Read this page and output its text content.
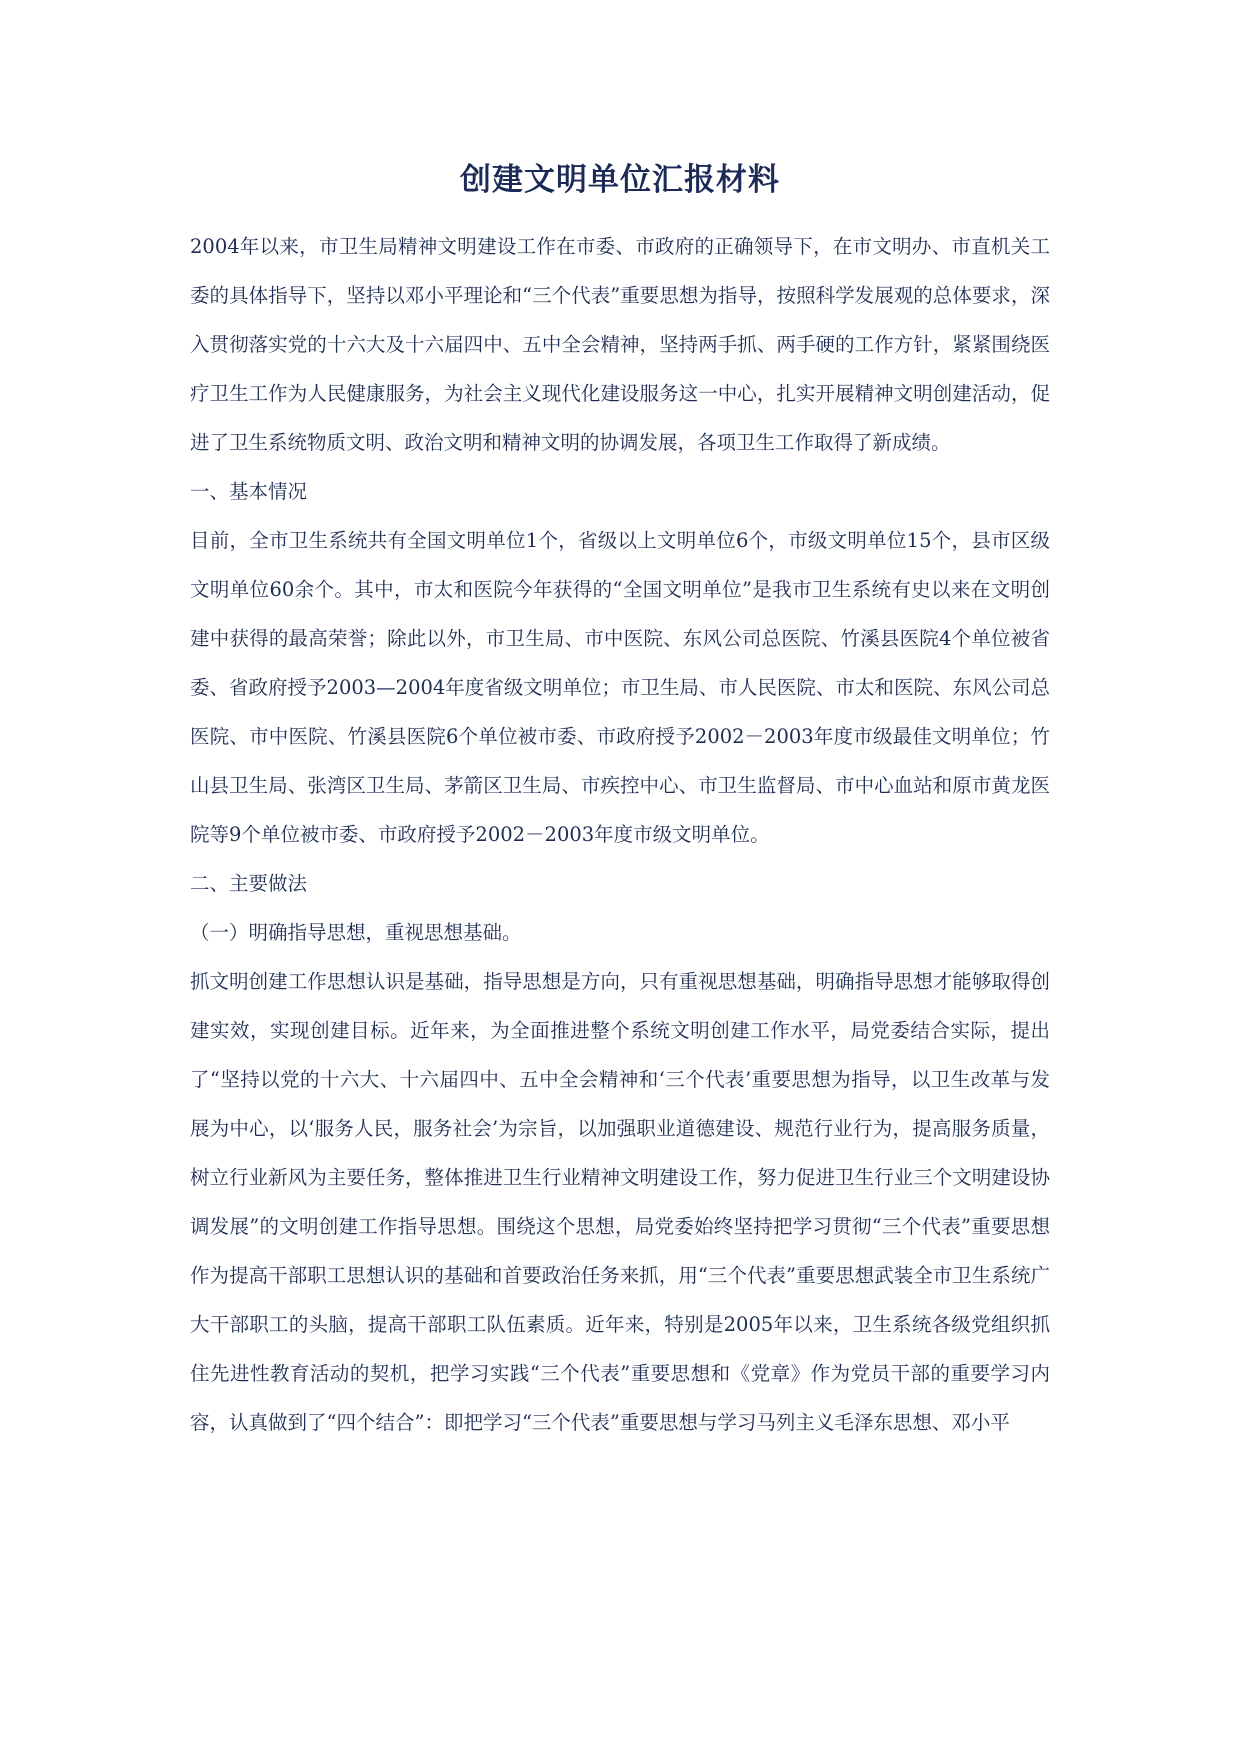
创建文明单位汇报材料

2004年以来，市卫生局精神文明建设工作在市委、市政府的正确领导下，在市文明办、市直机关工委的具体指导下，坚持以邓小平理论和“三个代表”重要思想为指导，按照科学发展观的总体要求，深入贯彻落实党的十六大及十六届四中、五中全会精神，坚持两手抓、两手硬的工作方针，紧紧围绕医疗卫生工作为人民健康服务，为社会主义现代化建设服务这一中心，扎实开展精神文明创建活动，促进了卫生系统物质文明、政治文明和精神文明的协调发展，各项卫生工作取得了新成绩。

一、基本情况

目前，全市卫生系统共有全国文明单位1个，省级以上文明单位6个，市级文明单位15个，县市区级文明单位60余个。其中，市太和医院今年获得的“全国文明单位”是我市卫生系统有史以来在文明创建中获得的最高荣誉；除此以外，市卫生局、市中医院、东风公司总医院、竹溪县医院4个单位被省委、省政府授予2003—2004年度省级文明单位；市卫生局、市人民医院、市太和医院、东风公司总医院、市中医院、竹溪县医院6个单位被市委、市政府授予2002－2003年度市级最佳文明单位；竹山县卫生局、张湾区卫生局、茅箭区卫生局、市疾控中心、市卫生监督局、市中心血站和原市黄龙医院等9个单位被市委、市政府授予2002－2003年度市级文明单位。

二、主要做法

（一）明确指导思想，重视思想基础。

抓文明创建工作思想认识是基础，指导思想是方向，只有重视思想基础，明确指导思想才能够取得创建实效，实现创建目标。近年来，为全面推进整个系统文明创建工作水平，局党委结合实际，提出了“坚持以党的十六大、十六届四中、五中全会精神和‘三个代表’重要思想为指导，以卫生改革与发展为中心，以‘服务人民，服务社会’为宗旨，以加强职业道德建设、规范行业行为，提高服务质量，树立行业新风为主要任务，整体推进卫生行业精神文明建设工作，努力促进卫生行业三个文明建设协调发展”的文明创建工作指导思想。围绕这个思想，局党委始终坚持把学习贯彻“三个代表”重要思想作为提高干部职工思想认识的基础和首要政治任务来抓，用“三个代表”重要思想武装全市卫生系统广大干部职工的头脑，提高干部职工队伍素质。近年来，特别是2005年以来，卫生系统各级党组织抓住先进性教育活动的契机，把学习实践“三个代表”重要思想和《党章》作为党员干部的重要学习内容，认真做到了“四个结合”：即把学习“三个代表”重要思想与学习马列主义毛泽东思想、邓小平
